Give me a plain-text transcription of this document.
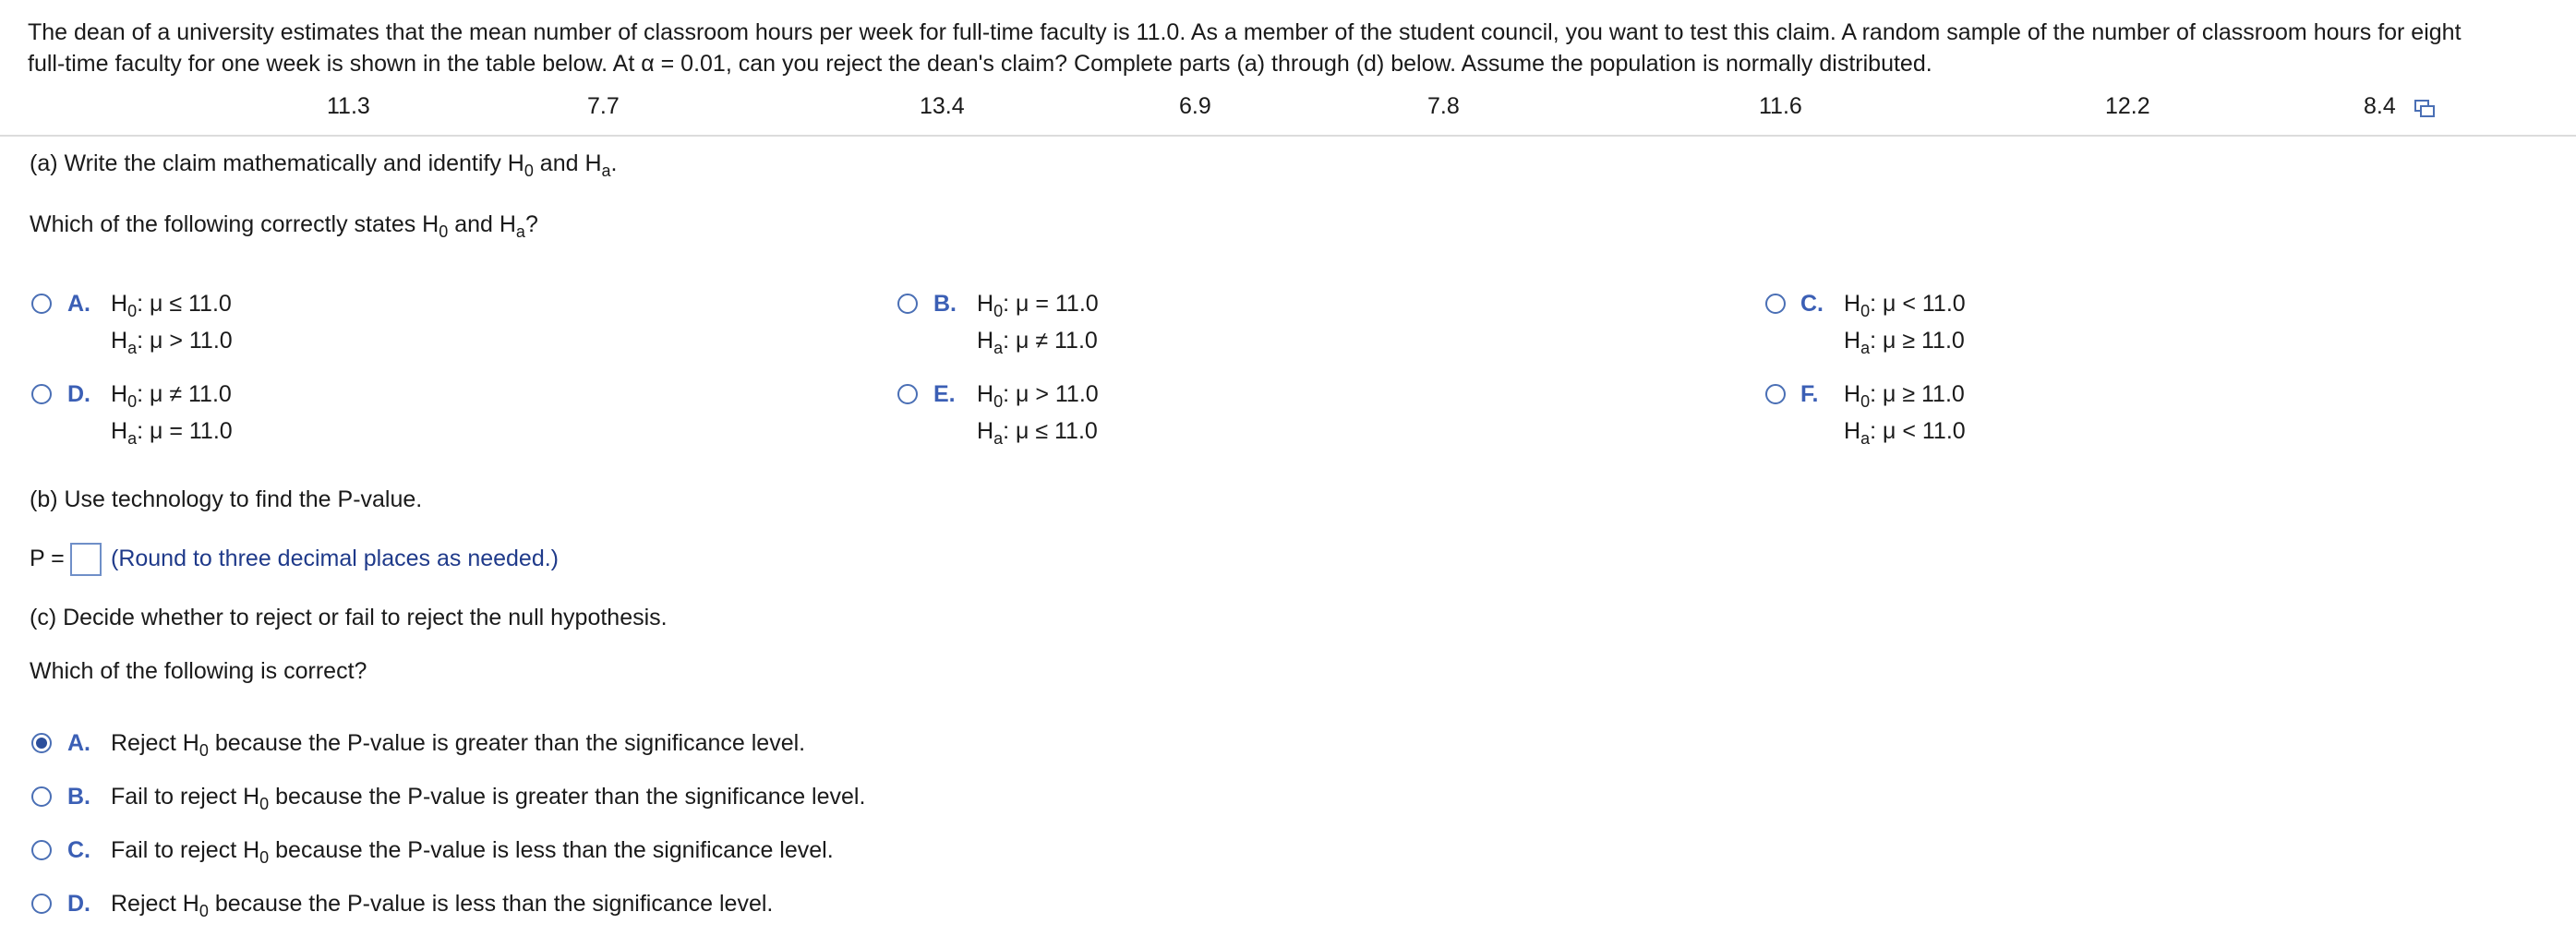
The dean of a university estimates that the mean number of classroom hours per week for full-time faculty is 11.0. As a member of the student council, you want to test this claim. A random sample of the number of classroom hours for eight
full-time faculty for one week is shown in the table below. At α = 0.01, can you reject the dean's claim? Complete parts (a) through (d) below. Assume the population is normally distributed.
11.3	7.7	13.4	6.9	7.8	11.6	12.2	8.4
(a) Write the claim mathematically and identify $H_0$ and $H_a$.
Which of the following correctly states $H_0$ and $H_a$?
A. $H_0$: μ ≤ 11.0
$H_a$: μ > 11.0
B. $H_0$: μ = 11.0
$H_a$: μ ≠ 11.0
C. $H_0$: μ < 11.0
$H_a$: μ ≥ 11.0
D. $H_0$: μ ≠ 11.0
$H_a$: μ = 11.0
E. $H_0$: μ > 11.0
$H_a$: μ ≤ 11.0
F. $H_0$: μ ≥ 11.0
$H_a$: μ < 11.0
(b) Use technology to find the P-value.
P = (Round to three decimal places as needed.)
(c) Decide whether to reject or fail to reject the null hypothesis.
Which of the following is correct?
A. Reject $H_0$ because the P-value is greater than the significance level.
B. Fail to reject $H_0$ because the P-value is greater than the significance level.
C. Fail to reject $H_0$ because the P-value is less than the significance level.
D. Reject $H_0$ because the P-value is less than the significance level.
